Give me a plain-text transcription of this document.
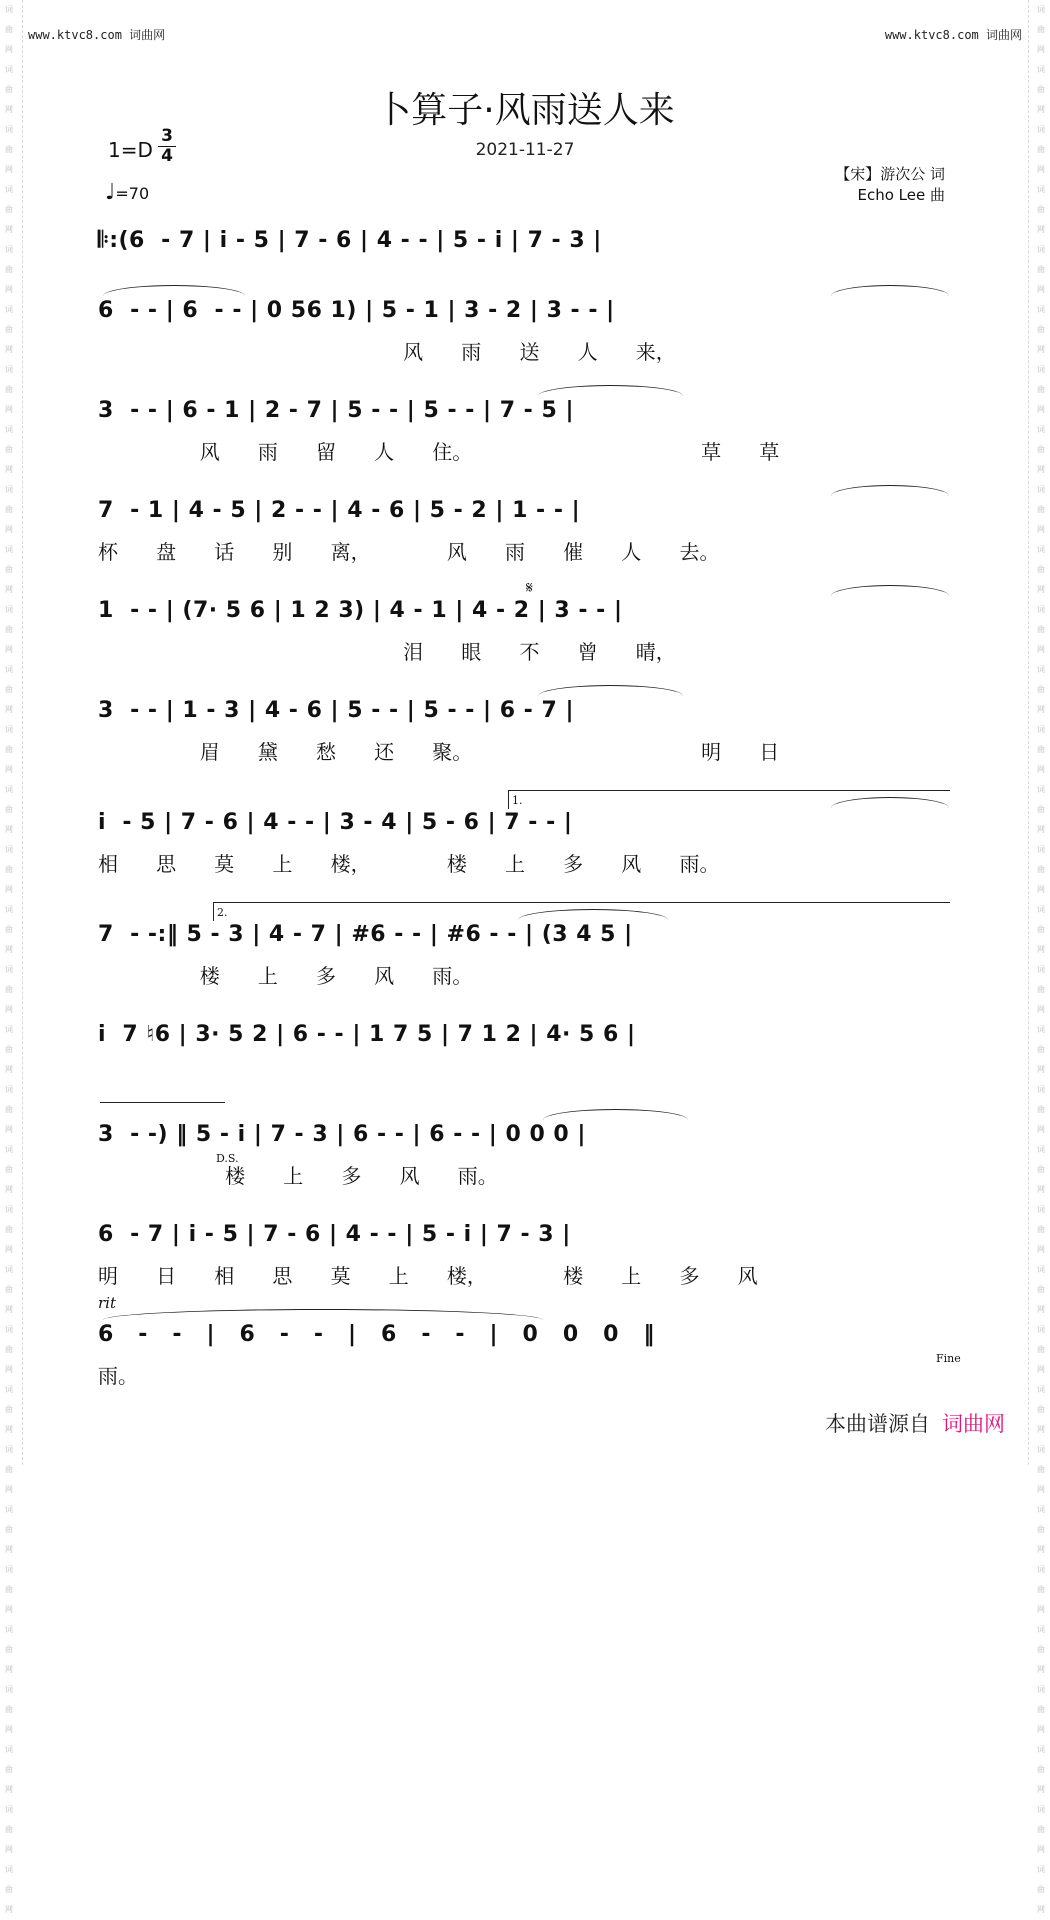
词 曲 网 词 曲 网 词 曲 网 词 曲 网 词 曲 网 词 曲 网 词 曲 网 词 曲 网 词 曲 网 词 曲 网 词 曲 网 词 曲 网 词 曲 网 词 曲 网 词 曲 网 词 曲 网 词 曲 网 词 曲 网 词 曲 网 词 曲 网 词 曲 网 词 曲 网 词 曲 网 词 曲 网 词 曲 网 词 曲 网 词 曲 网 词 曲 网 词 曲 网 词 曲 网 词 曲 网 词 曲 网
词 曲 网 词 曲 网 词 曲 网 词 曲 网 词 曲 网 词 曲 网 词 曲 网 词 曲 网 词 曲 网 词 曲 网 词 曲 网 词 曲 网 词 曲 网 词 曲 网 词 曲 网 词 曲 网 词 曲 网 词 曲 网 词 曲 网 词 曲 网 词 曲 网 词 曲 网 词 曲 网 词 曲 网 词 曲 网 词 曲 网 词 曲 网 词 曲 网 词 曲 网 词 曲 网 词 曲 网 词 曲 网
www.ktvc8.com 词曲网	www.ktvc8.com 词曲网
卜算子·风雨送人来
2021-11-27
1=D
3
4
♩=70
【宋】游次公 词
Echo Lee 曲
𝄆:(6  - 7 | i - 5 | 7 - 6 | 4 - - | 5 - i | 7 - 3 |
6  - - | 6  - - | 0 56 1) | 5 - 1 | 3 - 2 | 3 - - |
风      雨      送      人      来，
3  - - | 6 - 1 | 2 - 7 | 5 - - | 5 - - | 7 - 5 |
风      雨      留      人      住。                                    草      草
7  - 1 | 4 - 5 | 2 - - | 4 - 6 | 5 - 2 | 1 - - |
杯      盘      话      别      离，            风      雨      催      人      去。
𝄋
1  - - | (7· 5 6 | 1 2 3) | 4 - 1 | 4 - 2 | 3 - - |
泪      眼      不      曾      晴，
3  - - | 1 - 3 | 4 - 6 | 5 - - | 5 - - | 6 - 7 |
眉      黛      愁      还      聚。                                    明      日
1.
i  - 5 | 7 - 6 | 4 - - | 3 - 4 | 5 - 6 | 7 - - |
相      思      莫      上      楼，            楼      上      多      风      雨。
2.
7  - -:‖ 5 - 3 | 4 - 7 | #6 - - | #6 - - | (3 4 5 |
楼      上      多      风      雨。
i  7 ♮6 | 3· 5 2 | 6 - - | 1 7 5 | 7 1 2 | 4· 5 6 |
D.S.
3  - -) ‖ 5 - i | 7 - 3 | 6 - - | 6 - - | 0 0 0 |
楼      上      多      风      雨。
6  - 7 | i - 5 | 7 - 6 | 4 - - | 5 - i | 7 - 3 |
明      日      相      思      莫      上      楼，            楼      上      多      风
rit
6   -   -   |   6   -   -   |   6   -   -   |   0   0   0   ‖
Fine
雨。
本曲谱源自 词曲网
